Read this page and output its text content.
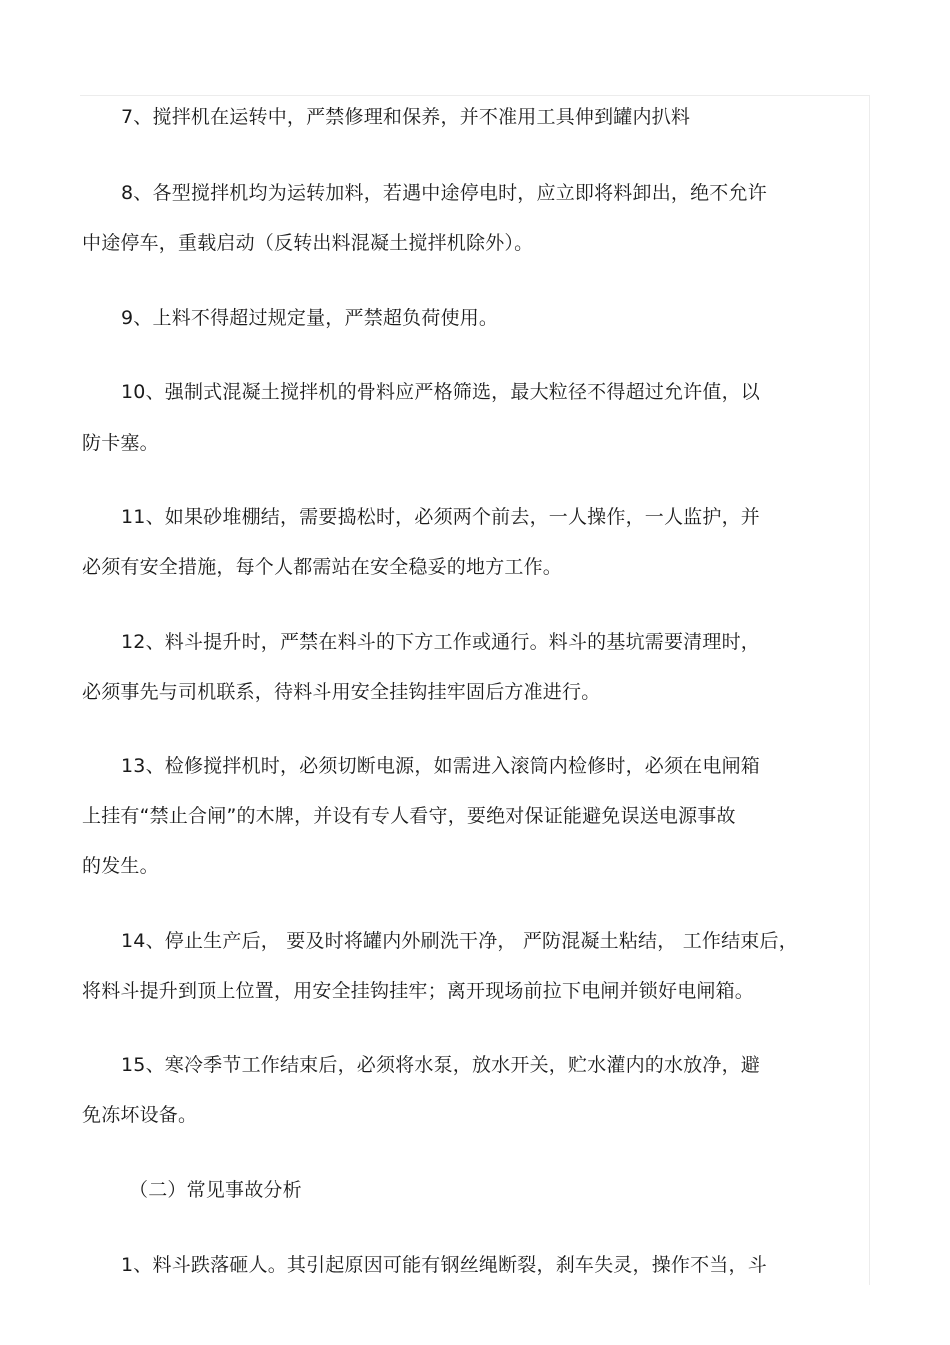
7、搅拌机在运转中，严禁修理和保养，并不准用工具伸到罐内扒料
8、各型搅拌机均为运转加料，若遇中途停电时，应立即将料卸出，绝不允许
中途停车，重载启动（反转出料混凝土搅拌机除外）。
9、上料不得超过规定量，严禁超负荷使用。
10、强制式混凝土搅拌机的骨料应严格筛选，最大粒径不得超过允许值，以
防卡塞。
11、如果砂堆棚结，需要捣松时，必须两个前去，一人操作，一人监护，并
必须有安全措施，每个人都需站在安全稳妥的地方工作。
12、料斗提升时，严禁在料斗的下方工作或通行。料斗的基坑需要清理时，
必须事先与司机联系，待料斗用安全挂钩挂牢固后方准进行。
13、检修搅拌机时，必须切断电源，如需进入滚筒内检修时，必须在电闸箱
上挂有“禁止合闸”的木牌，并设有专人看守，要绝对保证能避免误送电源事故
的发生。
14、停止生产后， 要及时将罐内外刷洗干净， 严防混凝土粘结， 工作结束后，
将料斗提升到顶上位置，用安全挂钩挂牢；离开现场前拉下电闸并锁好电闸箱。
15、寒冷季节工作结束后，必须将水泵，放水开关，贮水灌内的水放净，避
免冻坏设备。
（二）常见事故分析
1、料斗跌落砸人。其引起原因可能有钢丝绳断裂，刹车失灵，操作不当，斗
